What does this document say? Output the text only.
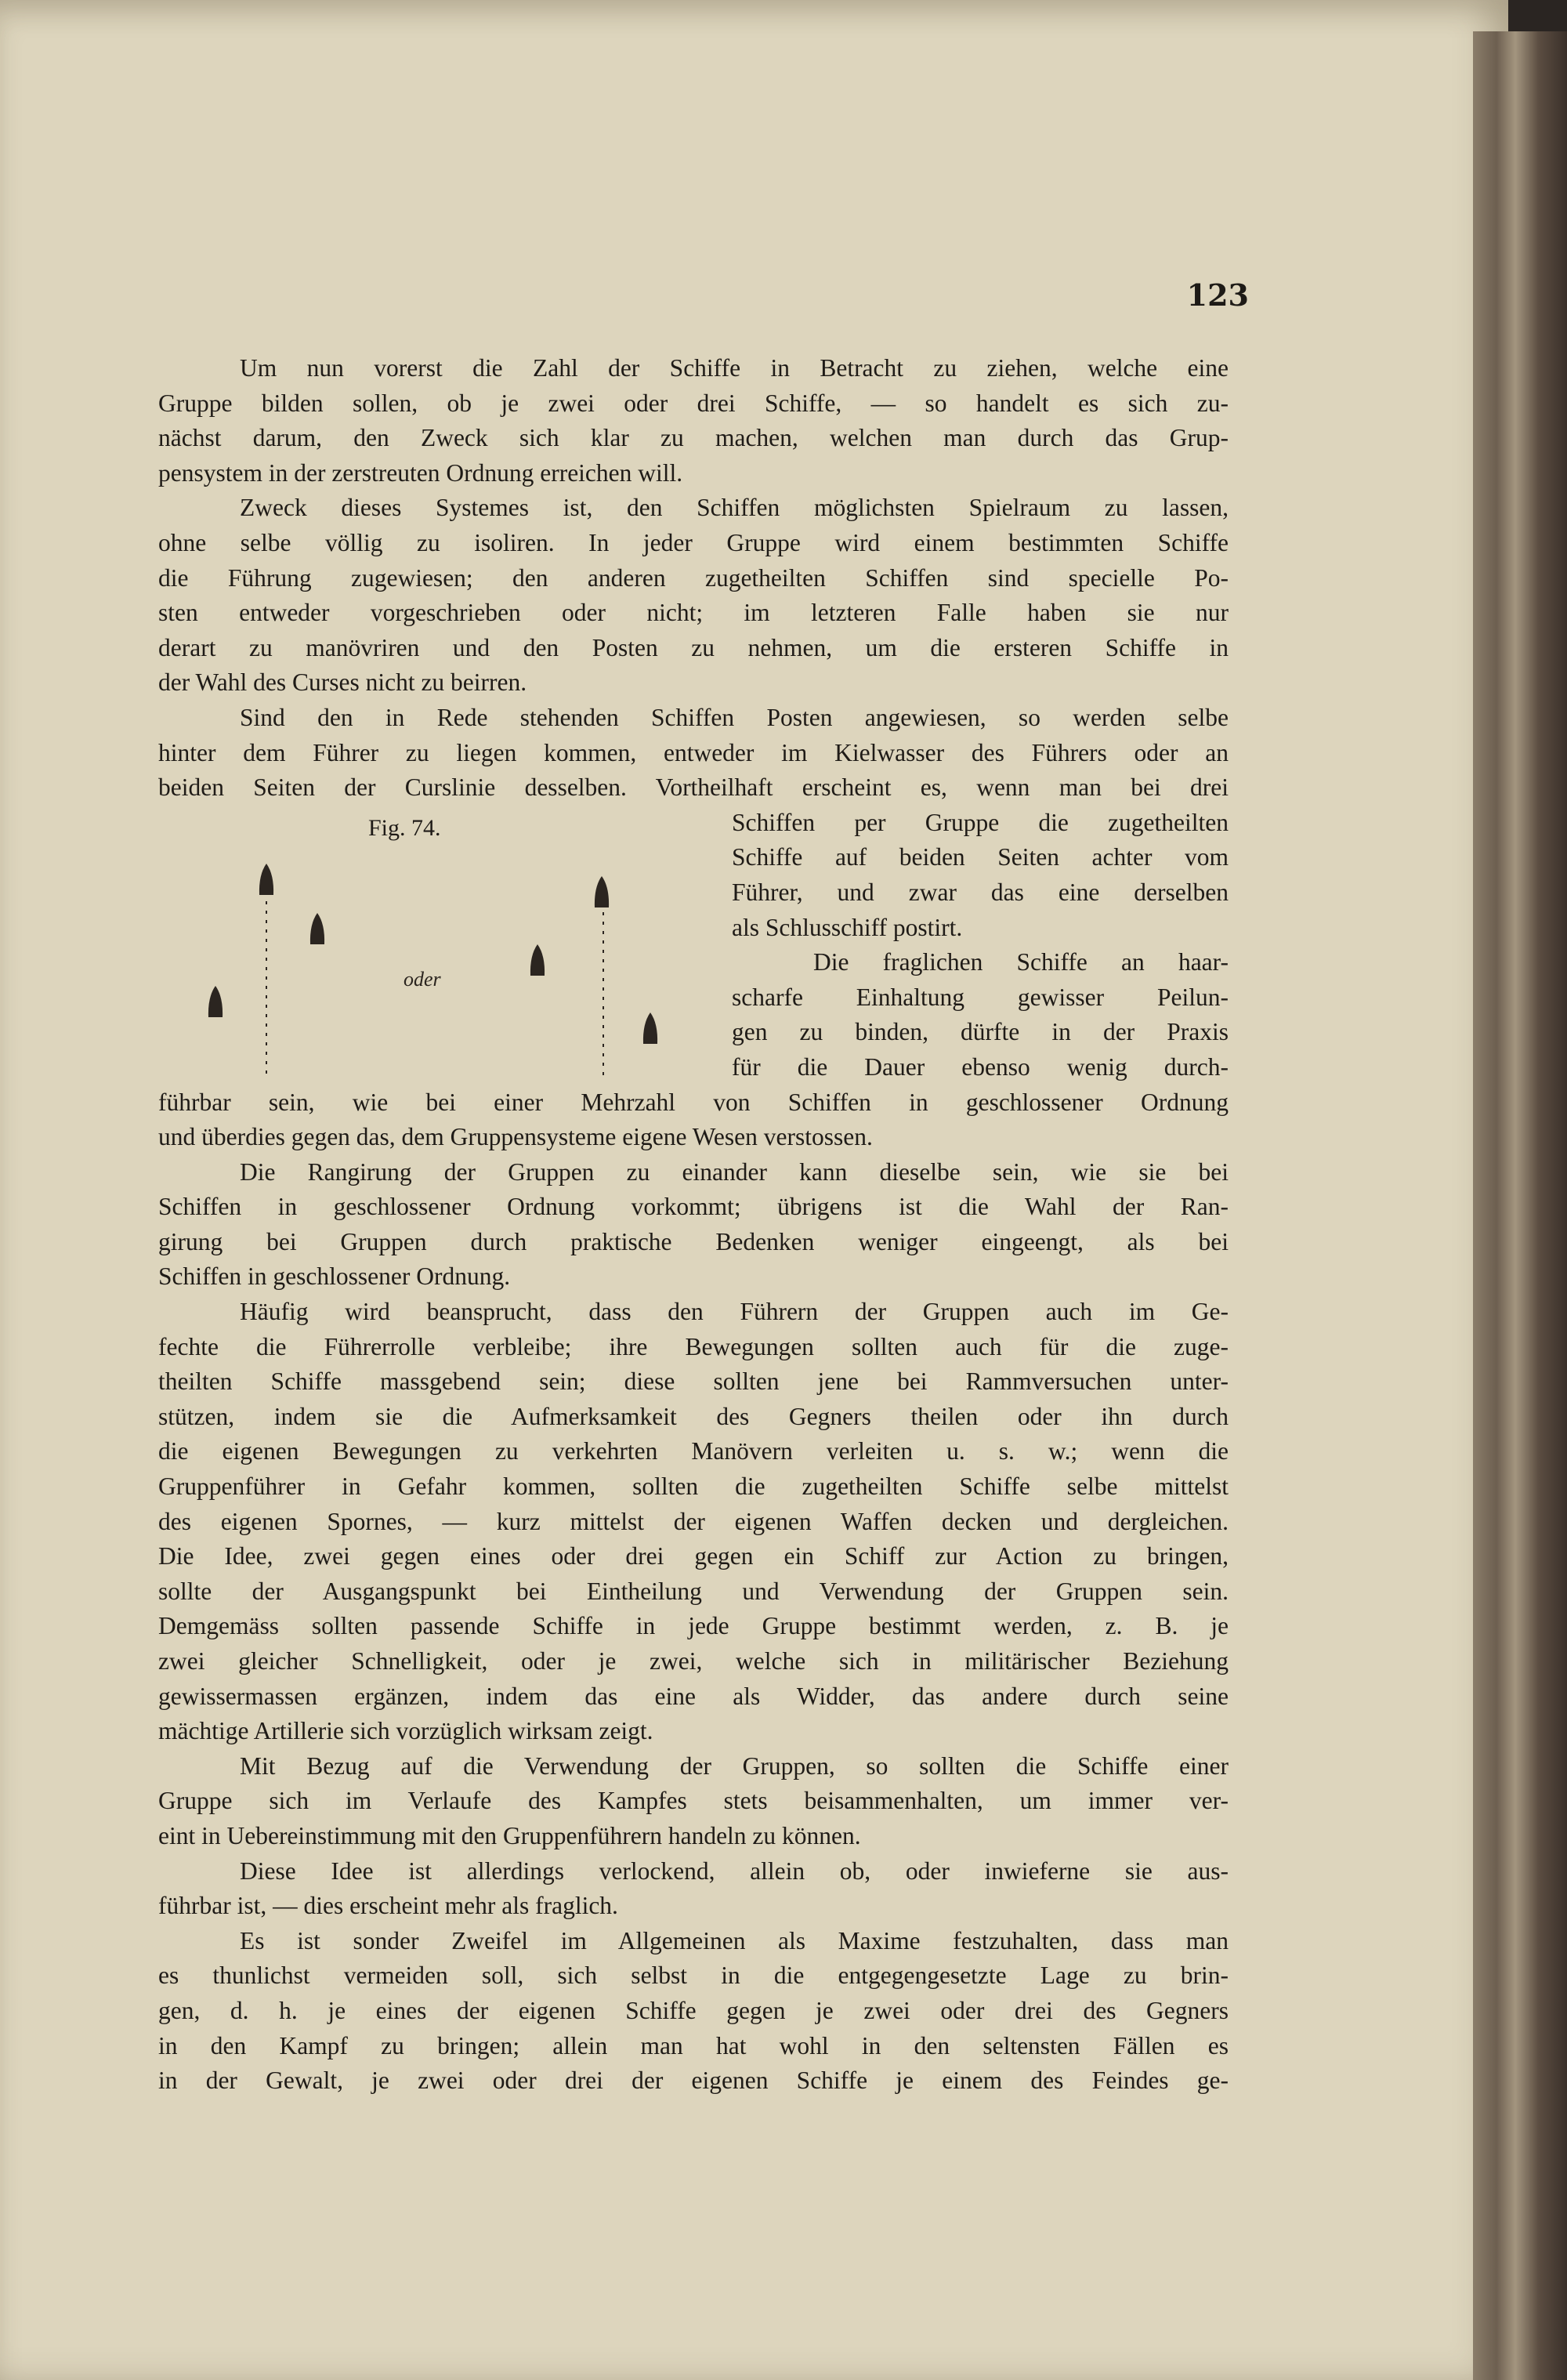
123
Um nun vorerst die Zahl der Schiffe in Betracht zu ziehen, welche eine
Gruppe bilden sollen, ob je zwei oder drei Schiffe, — so handelt es sich zu-
nächst darum, den Zweck sich klar zu machen, welchen man durch das Grup-
pensystem in der zerstreuten Ordnung erreichen will.
Zweck dieses Systemes ist, den Schiffen möglichsten Spielraum zu lassen,
ohne selbe völlig zu isoliren. In jeder Gruppe wird einem bestimmten Schiffe
die Führung zugewiesen; den anderen zugetheilten Schiffen sind specielle Po-
sten entweder vorgeschrieben oder nicht; im letzteren Falle haben sie nur
derart zu manövriren und den Posten zu nehmen, um die ersteren Schiffe in
der Wahl des Curses nicht zu beirren.
Sind den in Rede stehenden Schiffen Posten angewiesen, so werden selbe
hinter dem Führer zu liegen kommen, entweder im Kielwasser des Führers oder an
beiden Seiten der Curslinie desselben. Vortheilhaft erscheint es, wenn man bei drei
Schiffen per Gruppe die zugetheilten
Schiffe auf beiden Seiten achter vom
Führer, und zwar das eine derselben
als Schlusschiff postirt.
Die fraglichen Schiffe an haar-
scharfe Einhaltung gewisser Peilun-
gen zu binden, dürfte in der Praxis
für die Dauer ebenso wenig durch-
führbar sein, wie bei einer Mehrzahl von Schiffen in geschlossener Ordnung
und überdies gegen das, dem Gruppensysteme eigene Wesen verstossen.
Die Rangirung der Gruppen zu einander kann dieselbe sein, wie sie bei
Schiffen in geschlossener Ordnung vorkommt; übrigens ist die Wahl der Ran-
girung bei Gruppen durch praktische Bedenken weniger eingeengt, als bei
Schiffen in geschlossener Ordnung.
Häufig wird beansprucht, dass den Führern der Gruppen auch im Ge-
fechte die Führerrolle verbleibe; ihre Bewegungen sollten auch für die zuge-
theilten Schiffe massgebend sein; diese sollten jene bei Rammversuchen unter-
stützen, indem sie die Aufmerksamkeit des Gegners theilen oder ihn durch
die eigenen Bewegungen zu verkehrten Manövern verleiten u. s. w.; wenn die
Gruppenführer in Gefahr kommen, sollten die zugetheilten Schiffe selbe mittelst
des eigenen Spornes, — kurz mittelst der eigenen Waffen decken und dergleichen.
Die Idee, zwei gegen eines oder drei gegen ein Schiff zur Action zu bringen,
sollte der Ausgangspunkt bei Eintheilung und Verwendung der Gruppen sein.
Demgemäss sollten passende Schiffe in jede Gruppe bestimmt werden, z. B. je
zwei gleicher Schnelligkeit, oder je zwei, welche sich in militärischer Beziehung
gewissermassen ergänzen, indem das eine als Widder, das andere durch seine
mächtige Artillerie sich vorzüglich wirksam zeigt.
Mit Bezug auf die Verwendung der Gruppen, so sollten die Schiffe einer
Gruppe sich im Verlaufe des Kampfes stets beisammenhalten, um immer ver-
eint in Uebereinstimmung mit den Gruppenführern handeln zu können.
Diese Idee ist allerdings verlockend, allein ob, oder inwieferne sie aus-
führbar ist, — dies erscheint mehr als fraglich.
Es ist sonder Zweifel im Allgemeinen als Maxime festzuhalten, dass man
es thunlichst vermeiden soll, sich selbst in die entgegengesetzte Lage zu brin-
gen, d. h. je eines der eigenen Schiffe gegen je zwei oder drei des Gegners
in den Kampf zu bringen; allein man hat wohl in den seltensten Fällen es
in der Gewalt, je zwei oder drei der eigenen Schiffe je einem des Feindes ge-
Fig. 74.
oder
